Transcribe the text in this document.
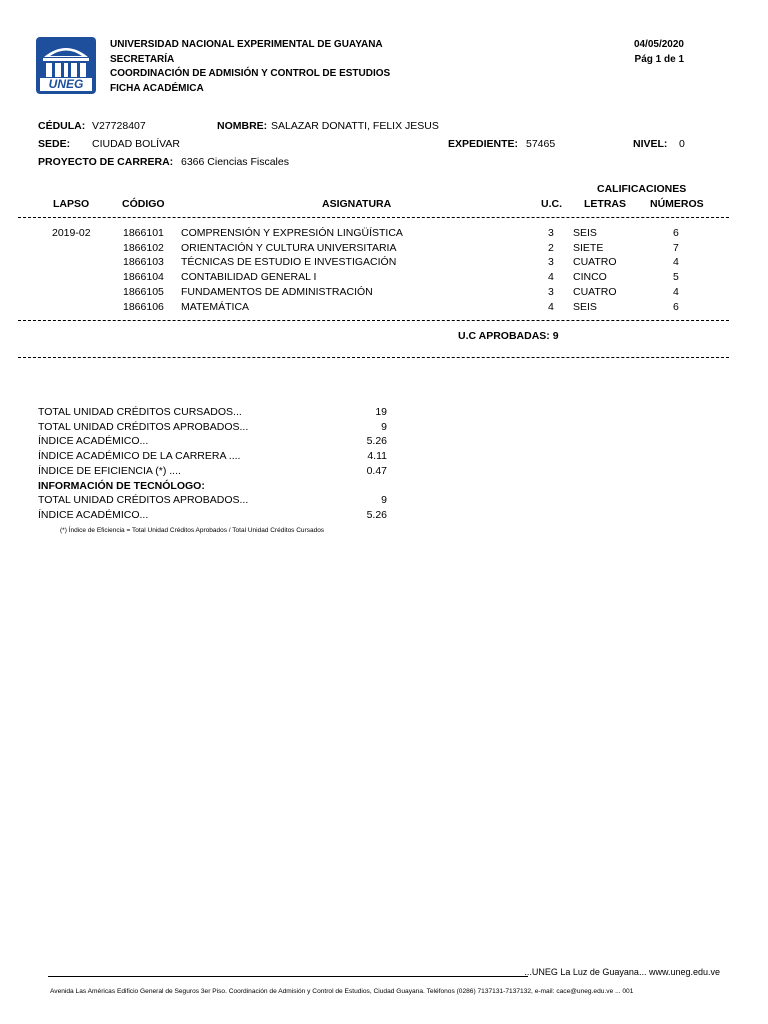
UNEG
UNIVERSIDAD NACIONAL EXPERIMENTAL DE GUAYANA
SECRETARÍA
COORDINACIÓN DE ADMISIÓN Y CONTROL DE ESTUDIOS
FICHA ACADÉMICA
04/05/2020
Pág 1 de 1
CÉDULA: V27728407	NOMBRE: SALAZAR DONATTI, FELIX JESUS
SEDE: CIUDAD BOLÍVAR	EXPEDIENTE: 57465	NIVEL: 0
PROYECTO DE CARRERA: 6366 Ciencias Fiscales
CALIFICACIONES
LAPSO	CÓDIGO	ASIGNATURA	U.C. LETRAS NÚMEROS
2019-02	1866101 COMPRENSIÓN Y EXPRESIÓN LINGÜÍSTICA	3 SEIS	6
1866102 ORIENTACIÓN Y CULTURA UNIVERSITARIA	2 SIETE	7
1866103 TÉCNICAS DE ESTUDIO E INVESTIGACIÓN	3 CUATRO	4
1866104 CONTABILIDAD GENERAL I	4 CINCO	5
1866105 FUNDAMENTOS DE ADMINISTRACIÓN	3 CUATRO	4
1866106 MATEMÁTICA	4 SEIS	6
U.C APROBADAS: 9
TOTAL UNIDAD CRÉDITOS CURSADOS...	19
TOTAL UNIDAD CRÉDITOS APROBADOS...	9
ÍNDICE ACADÉMICO...	5.26
ÍNDICE ACADÉMICO DE LA CARRERA ....	4.11
ÍNDICE DE EFICIENCIA (*) ....	0.47
INFORMACIÓN DE TECNÓLOGO:
TOTAL UNIDAD CRÉDITOS APROBADOS...	9
ÍNDICE ACADÉMICO...	5.26
(*) Índice de Eficiencia = Total Unidad Créditos Aprobados / Total Unidad Créditos Cursados
...UNEG La Luz de Guayana... www.uneg.edu.ve
Avenida Las Américas Edificio General de Seguros 3er Piso. Coordinación de Admisión y Control de Estudios, Ciudad Guayana. Teléfonos (0286) 7137131-7137132, e-mail: cace@uneg.edu.ve ... 001
